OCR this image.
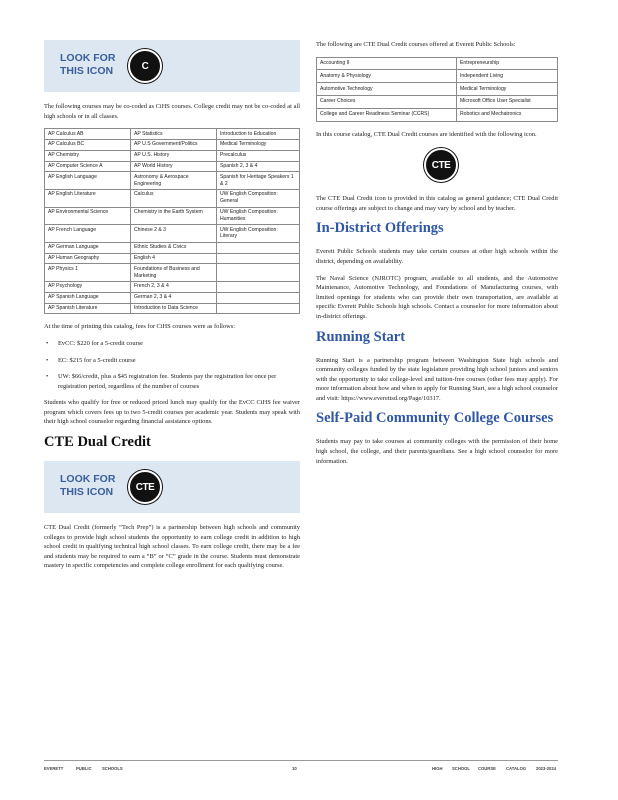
LOOK FOR
THIS ICON	C

The following courses may be co-coded as CiHS courses. College credit may not be co-coded at all high schools or in all classes.

AP Calculus AB	AP Statistics	Introduction to Education
AP Calculus BC	AP U.S Government/Politics	Medical Terminology
AP Chemistry	AP U.S. History	Precalculus
AP Computer Science A	AP World History	Spanish 2, 3 & 4
AP English Language	Astronomy & Aerospace Engineering	Spanish for Heritage Speakers 1 & 2
AP English Literature	Calculus	UW English Composition: General
AP Environmental Science	Chemistry in the Earth System	UW English Composition: Humanities
AP French Language	Chinese 2 & 3	UW English Composition: Literary
AP German Language	Ethnic Studies & Civics	
AP Human Geography	English 4	
AP Physics 1	Foundations of Business and Marketing	
AP Psychology	French 2, 3 & 4	
AP Spanish Language	German 2, 3 & 4	
AP Spanish Literature	Introduction to Data Science	

At the time of printing this catalog, fees for CiHS courses were as follows:

• EvCC: $220 for a 5-credit course
• EC: $215 for a 5-credit course
• UW: $66/credit, plus a $45 registration fee. Students pay the registration fee once per registration period, regardless of the number of courses

Students who qualify for free or reduced priced lunch may qualify for the EvCC CiHS fee waiver program which covers fees up to two 5-credit courses per academic year. Students may speak with their high school counselor regarding financial assistance options.

CTE Dual Credit
LOOK FOR
THIS ICON CTE

CTE Dual Credit (formerly “Tech Prep”) is a partnership between high schools and community colleges to provide high school students the opportunity to earn college credit in addition to high school credit in qualifying technical high school classes. To earn college credit, there may be a fee and students may be required to earn a “B” or “C” grade in the course. Students must demonstrate mastery in specific competencies and complete college enrollment for each qualifying course.

The following are CTE Dual Credit courses offered at Everett Public Schools:

Accounting II	Entrepreneurship
Anatomy & Physiology	Independent Living
Automotive Technology	Medical Terminology
Career Choices	Microsoft Office User Specialist
College and Career Readiness Seminar (CCRS)	Robotics and Mechatronics

In this course catalog, CTE Dual Credit courses are identified with the following icon.

CTE

The CTE Dual Credit icon is provided in this catalog as general guidance; CTE Dual Credit course offerings are subject to change and may vary by school and by teacher.

In-District Offerings

Everett Public Schools students may take certain courses at other high schools within the district, depending on availability.

The Naval Science (NJROTC) program, available to all students, and the Automotive Maintenance, Automotive Technology, and Foundations of Manufacturing courses, with limited openings for students who can provide their own transportation, are available at specific Everett Public Schools high schools. Contact a counselor for more information about in-district offerings.

Running Start

Running Start is a partnership program between Washington State high schools and community colleges funded by the state legislature providing high school juniors and seniors with the opportunity to take college-level and tuition-free courses (other fees may apply). For more information about how and when to apply for Running Start, see a high school counselor and visit: https://www.everettsd.org/Page/10317.

Self-Paid Community College Courses

Students may pay to take courses at community colleges with the permission of their home high school, the college, and their parents/guardians. See a high school counselor for more information.

EVERETT	PUBLIC SCHOOLS	10	HIGH SCHOOL COURSE CATALOG 2023-2024
